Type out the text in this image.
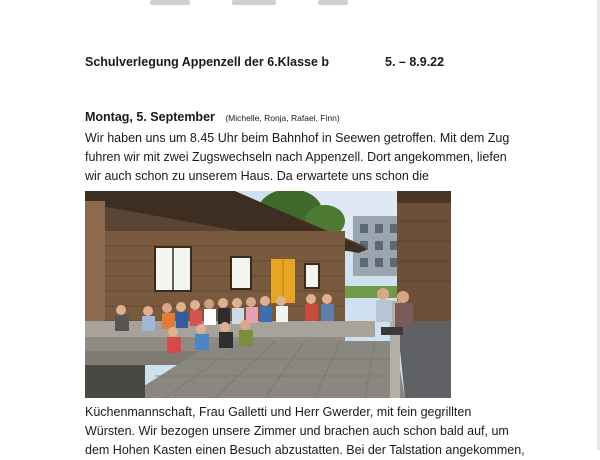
Schulverlegung Appenzell der 6.Klasse b	5. – 8.9.22
Montag, 5. September (Michelle, Ronja, Rafael, Finn)
Wir haben uns um 8.45 Uhr beim Bahnhof in Seewen getroffen. Mit dem Zug
fuhren wir mit zwei Zugswechseln nach Appenzell. Dort angekommen, liefen
wir auch schon zu unserem Haus. Da erwartete uns schon die
Küchenmannschaft, Frau Galletti und Herr Gwerder, mit fein gegrillten
Würsten. Wir bezogen unsere Zimmer und brachen auch schon bald auf, um
dem Hohen Kasten einen Besuch abzustatten. Bei der Talstation angekommen,
